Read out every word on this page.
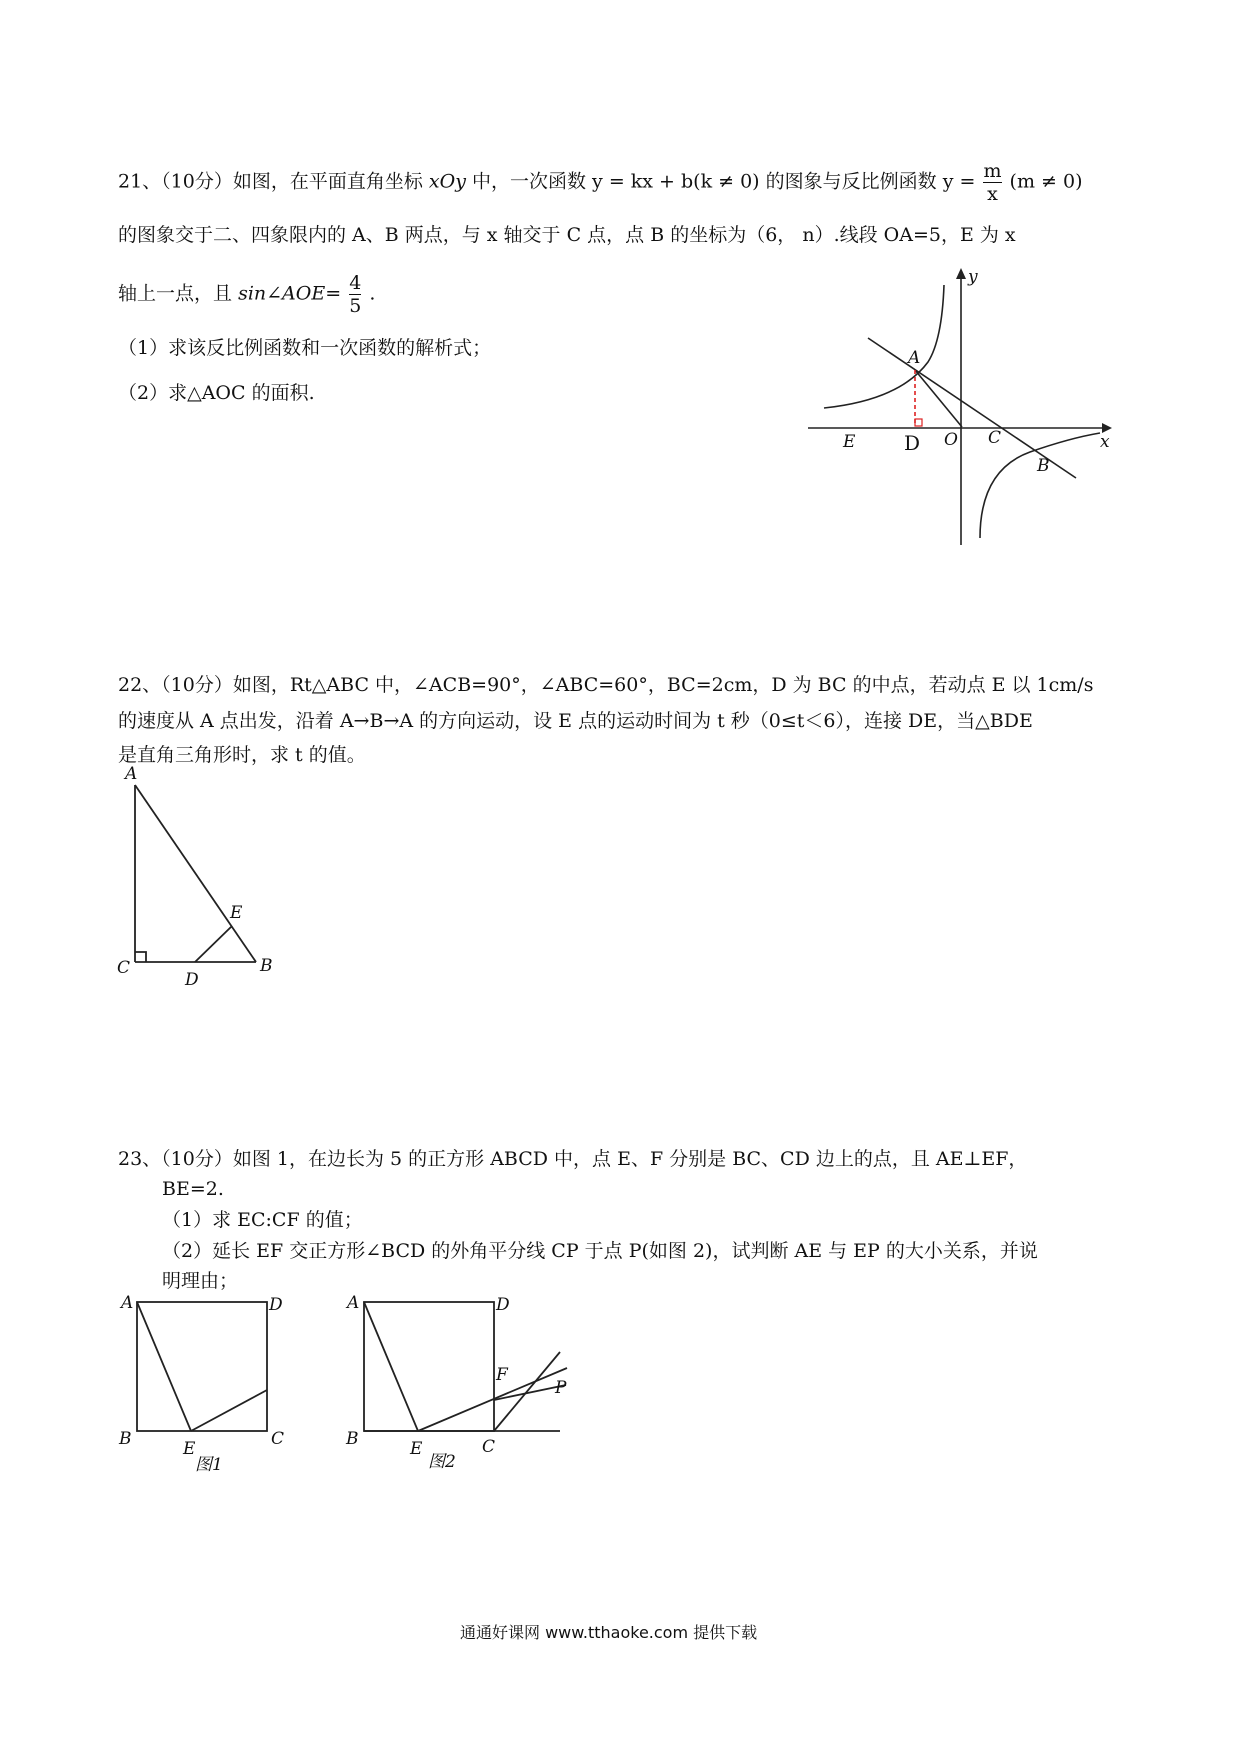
21、（10分）如图，在平面直角坐标 xOy 中，一次函数 y = kx + b(k ≠ 0) 的图象与反比例函数 $y = \frac{m}{x} (m \ne 0)$
的图象交于二、四象限内的 A、B 两点，与 x 轴交于 C 点，点 B 的坐标为（6， n）.线段 OA=5，E 为 x
轴上一点，且 sin∠AOE= $\frac{4}{5}$ .
（1）求该反比例函数和一次函数的解析式；
（2）求△AOC 的面积.
x
y
A
E D O C
B
22、（10分）如图，Rt△ABC 中，∠ACB=90°，∠ABC=60°，BC=2cm，D 为 BC 的中点，若动点 E 以 1cm/s
的速度从 A 点出发，沿着 A→B→A 的方向运动，设 E 点的运动时间为 t 秒（0≤t＜6），连接 DE，当△BDE
是直角三角形时，求 t 的值。
A
E
C
D
B
23、（10分）如图 1，在边长为 5 的正方形 ABCD 中，点 E、F 分别是 BC、CD 边上的点，且 AE⊥EF，
BE=2.
（1）求 EC:CF 的值；
（2）延长 EF 交正方形∠BCD 的外角平分线 CP 于点 P(如图 2)，试判断 AE 与 EP 的大小关系，并说
明理由；
A	D
B	E	C
图1
A	D
F
P
B	E	C
图2
通通好课网 www.tthaoke.com 提供下载
